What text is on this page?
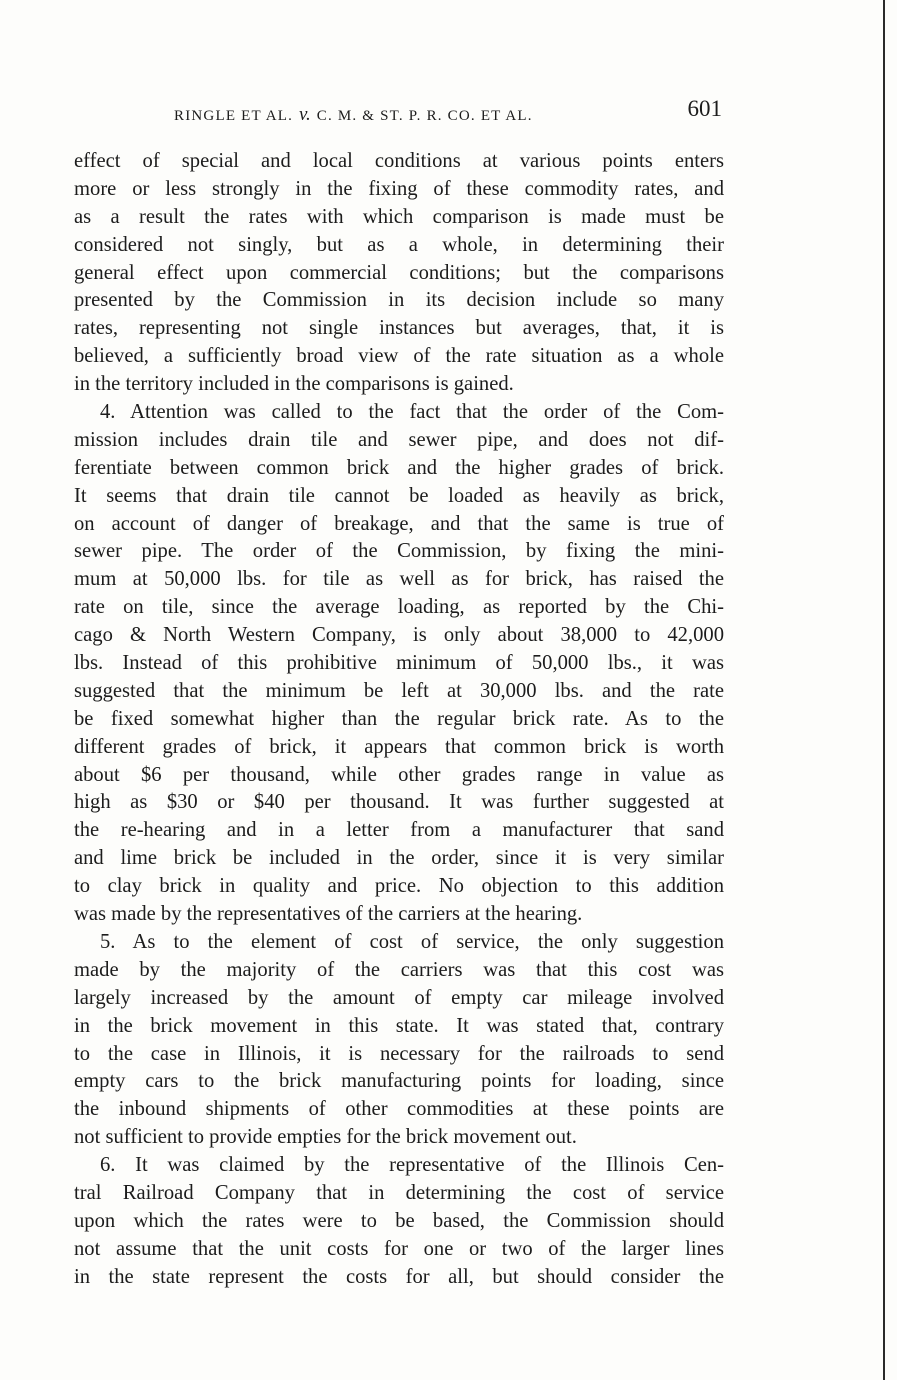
RINGLE ET AL. v. C. M. & ST. P. R. CO. ET AL.	601
effect of special and local conditions at various points enters
more or less strongly in the fixing of these commodity rates, and
as a result the rates with which comparison is made must be
considered not singly, but as a whole, in determining their
general effect upon commercial conditions; but the comparisons
presented by the Commission in its decision include so many
rates, representing not single instances but averages, that, it is
believed, a sufficiently broad view of the rate situation as a whole
in the territory included in the comparisons is gained.
4. Attention was called to the fact that the order of the Com-
mission includes drain tile and sewer pipe, and does not dif-
ferentiate between common brick and the higher grades of brick.
It seems that drain tile cannot be loaded as heavily as brick,
on account of danger of breakage, and that the same is true of
sewer pipe. The order of the Commission, by fixing the mini-
mum at 50,000 lbs. for tile as well as for brick, has raised the
rate on tile, since the average loading, as reported by the Chi-
cago & North Western Company, is only about 38,000 to 42,000
lbs. Instead of this prohibitive minimum of 50,000 lbs., it was
suggested that the minimum be left at 30,000 lbs. and the rate
be fixed somewhat higher than the regular brick rate. As to the
different grades of brick, it appears that common brick is worth
about $6 per thousand, while other grades range in value as
high as $30 or $40 per thousand. It was further suggested at
the re-hearing and in a letter from a manufacturer that sand
and lime brick be included in the order, since it is very similar
to clay brick in quality and price. No objection to this addition
was made by the representatives of the carriers at the hearing.
5. As to the element of cost of service, the only suggestion
made by the majority of the carriers was that this cost was
largely increased by the amount of empty car mileage involved
in the brick movement in this state. It was stated that, contrary
to the case in Illinois, it is necessary for the railroads to send
empty cars to the brick manufacturing points for loading, since
the inbound shipments of other commodities at these points are
not sufficient to provide empties for the brick movement out.
6. It was claimed by the representative of the Illinois Cen-
tral Railroad Company that in determining the cost of service
upon which the rates were to be based, the Commission should
not assume that the unit costs for one or two of the larger lines
in the state represent the costs for all, but should consider the
